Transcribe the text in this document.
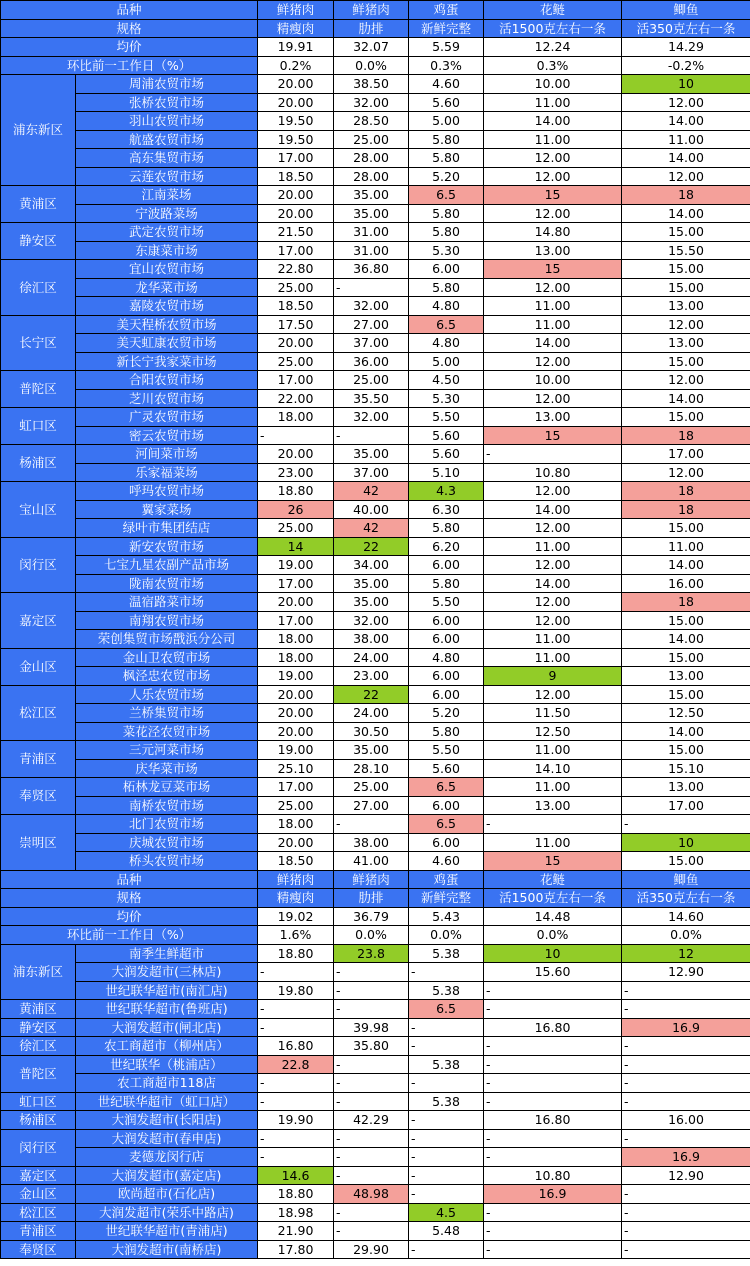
品种		鲜猪肉	鲜猪肉	鸡蛋	花鲢	鲫鱼
规格		精瘦肉	肋排	新鲜完整	活1500克左右一条	活350克左右一条
均价		19.91	32.07	5.59	12.24	14.29
环比前一工作日（%）		0.2%	0.0%	0.3%	0.3%	-0.2%
浦东新区	周浦农贸市场	20.00	38.50	4.60	10.00	10
	张桥农贸市场	20.00	32.00	5.60	11.00	12.00
	羽山农贸市场	19.50	28.50	5.00	14.00	14.00
	航盛农贸市场	19.50	25.00	5.80	11.00	11.00
	高东集贸市场	17.00	28.00	5.80	12.00	14.00
	云莲农贸市场	18.50	28.00	5.20	12.00	12.00
黄浦区	江南菜场	20.00	35.00	6.5	15	18
	宁波路菜场	20.00	35.00	5.80	12.00	14.00
静安区	武定农贸市场	21.50	31.00	5.80	14.80	15.00
	东康菜市场	17.00	31.00	5.30	13.00	15.50
徐汇区	宜山农贸市场	22.80	36.80	6.00	15	15.00
	龙华菜市场	25.00	-	5.80	12.00	15.00
	嘉陵农贸市场	18.50	32.00	4.80	11.00	13.00
长宁区	美天程桥农贸市场	17.50	27.00	6.5	11.00	12.00
	美天虹康农贸市场	20.00	37.00	4.80	14.00	13.00
	新长宁我家菜市场	25.00	36.00	5.00	12.00	15.00
普陀区	合阳农贸市场	17.00	25.00	4.50	10.00	12.00
	芝川农贸市场	22.00	35.50	5.30	12.00	14.00
虹口区	广灵农贸市场	18.00	32.00	5.50	13.00	15.00
	密云农贸市场	-	-	5.60	15	18
杨浦区	河间菜市场	20.00	35.00	5.60	-	17.00
	乐家福菜场	23.00	37.00	5.10	10.80	12.00
宝山区	呼玛农贸市场	18.80	42	4.3	12.00	18
	翼家菜场	26	40.00	6.30	14.00	18
	绿叶市集团结店	25.00	42	5.80	12.00	15.00
闵行区	新安农贸市场	14	22	6.20	11.00	11.00
	七宝九星农副产品市场	19.00	34.00	6.00	12.00	14.00
	陇南农贸市场	17.00	35.00	5.80	14.00	16.00
嘉定区	温宿路菜市场	20.00	35.00	5.50	12.00	18
	南翔农贸市场	17.00	32.00	6.00	12.00	15.00
	荣创集贸市场戬浜分公司	18.00	38.00	6.00	11.00	14.00
金山区	金山卫农贸市场	18.00	24.00	4.80	11.00	15.00
	枫泾忠农贸市场	19.00	23.00	6.00	9	13.00
松江区	人乐农贸市场	20.00	22	6.00	12.00	15.00
	兰桥集贸市场	20.00	24.00	5.20	11.50	12.50
	菜花泾农贸市场	20.00	30.50	5.80	12.50	14.00
青浦区	三元河菜市场	19.00	35.00	5.50	11.00	15.00
	庆华菜市场	25.10	28.10	5.60	14.10	15.10
奉贤区	柘林龙豆菜市场	17.00	25.00	6.5	11.00	13.00
	南桥农贸市场	25.00	27.00	6.00	13.00	17.00
崇明区	北门农贸市场	18.00	-	6.5	-	-
	庆城农贸市场	20.00	38.00	6.00	11.00	10
	桥头农贸市场	18.50	41.00	4.60	15	15.00
品种		鲜猪肉	鲜猪肉	鸡蛋	花鲢	鲫鱼
规格		精瘦肉	肋排	新鲜完整	活1500克左右一条	活350克左右一条
均价		19.02	36.79	5.43	14.48	14.60
环比前一工作日（%）		1.6%	0.0%	0.0%	0.0%	0.0%
浦东新区	南季生鲜超市	18.80	23.8	5.38	10	12
	大润发超市(三林店)	-	-	-	15.60	12.90
	世纪联华超市(南汇店)	19.80	-	5.38	-	-
黄浦区	世纪联华超市(鲁班店)	-	-	6.5	-	-
静安区	大润发超市(闸北店)	-	39.98	-	16.80	16.9
徐汇区	农工商超市（柳州店）	16.80	35.80	-	-	-
普陀区	世纪联华（桃浦店）	22.8	-	5.38	-	-
	农工商超市118店	-	-	-	-	-
虹口区	世纪联华超市（虹口店）	-	-	5.38	-	-
杨浦区	大润发超市(长阳店)	19.90	42.29	-	16.80	16.00
闵行区	大润发超市(春申店)	-	-	-	-	-
	麦德龙闵行店	-	-	-	-	16.9
嘉定区	大润发超市(嘉定店)	14.6	-	-	10.80	12.90
金山区	欧尚超市(石化店)	18.80	48.98	-	16.9	-
松江区	大润发超市(荣乐中路店)	18.98	-	4.5	-	-
青浦区	世纪联华超市(青浦店)	21.90	-	5.48	-	-
奉贤区	大润发超市(南桥店)	17.80	29.90	-	-	-
